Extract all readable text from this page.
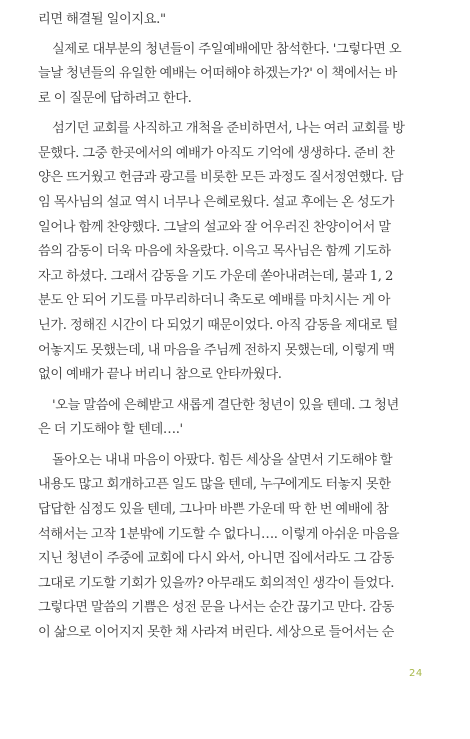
리면 해결될 일이지요."
실제로 대부분의 청년들이 주일예배에만 참석한다. '그렇다면 오
늘날 청년들의 유일한 예배는 어떠해야 하겠는가?' 이 책에서는 바
로 이 질문에 답하려고 한다.
섬기던 교회를 사직하고 개척을 준비하면서, 나는 여러 교회를 방
문했다. 그중 한곳에서의 예배가 아직도 기억에 생생하다. 준비 찬
양은 뜨거웠고 헌금과 광고를 비롯한 모든 과정도 질서정연했다. 담
임 목사님의 설교 역시 너무나 은혜로웠다. 설교 후에는 온 성도가
일어나 함께 찬양했다. 그날의 설교와 잘 어우러진 찬양이어서 말
씀의 감동이 더욱 마음에 차올랐다. 이윽고 목사님은 함께 기도하
자고 하셨다. 그래서 감동을 기도 가운데 쏟아내려는데, 불과 1, 2
분도 안 되어 기도를 마무리하더니 축도로 예배를 마치시는 게 아
닌가. 정해진 시간이 다 되었기 때문이었다. 아직 감동을 제대로 털
어놓지도 못했는데, 내 마음을 주님께 전하지 못했는데, 이렇게 맥
없이 예배가 끝나 버리니 참으로 안타까웠다.
'오늘 말씀에 은혜받고 새롭게 결단한 청년이 있을 텐데. 그 청년
은 더 기도해야 할 텐데….'
돌아오는 내내 마음이 아팠다. 힘든 세상을 살면서 기도해야 할
내용도 많고 회개하고픈 일도 많을 텐데, 누구에게도 터놓지 못한
답답한 심정도 있을 텐데, 그나마 바쁜 가운데 딱 한 번 예배에 참
석해서는 고작 1분밖에 기도할 수 없다니…. 이렇게 아쉬운 마음을
지닌 청년이 주중에 교회에 다시 와서, 아니면 집에서라도 그 감동
그대로 기도할 기회가 있을까? 아무래도 회의적인 생각이 들었다.
그렇다면 말씀의 기쁨은 성전 문을 나서는 순간 끊기고 만다. 감동
이 삶으로 이어지지 못한 채 사라져 버린다. 세상으로 들어서는 순
24
